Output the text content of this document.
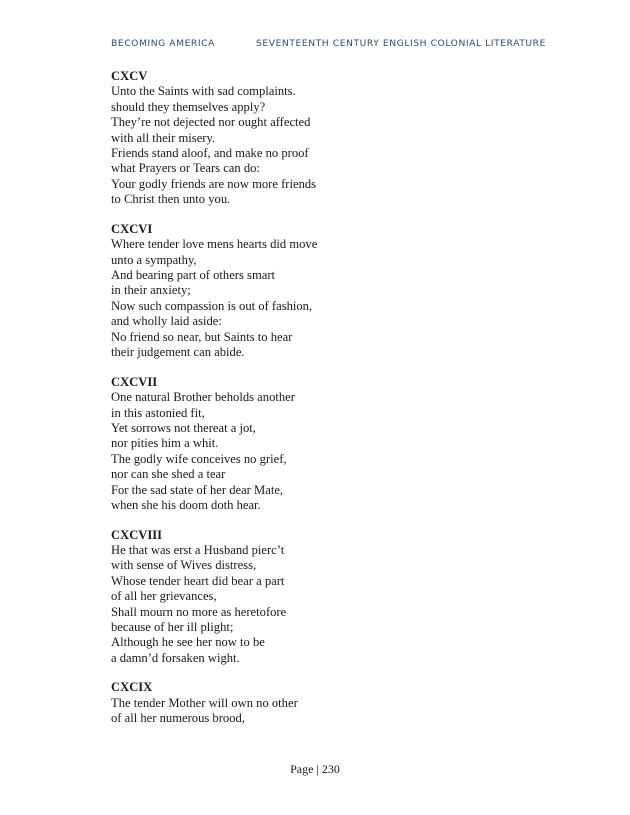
BECOMING AMERICA	SEVENTEENTH CENTURY ENGLISH COLONIAL LITERATURE

CXCV

Unto the Saints with sad complaints.

should they themselves apply?

They’re not dejected nor ought affected

with all their misery.

Friends stand aloof, and make no proof

what Prayers or Tears can do:

Your godly friends are now more friends

to Christ then unto you.

CXCVI

Where tender love mens hearts did move

unto a sympathy,

And bearing part of others smart

in their anxiety;

Now such compassion is out of fashion,

and wholly laid aside:

No friend so near, but Saints to hear

their judgement can abide.

CXCVII

One natural Brother beholds another

in this astonied fit,

Yet sorrows not thereat a jot,

nor pities him a whit.

The godly wife conceives no grief,

nor can she shed a tear

For the sad state of her dear Mate,

when she his doom doth hear.

CXCVIII

He that was erst a Husband pierc’t

with sense of Wives distress,

Whose tender heart did bear a part

of all her grievances,

Shall mourn no more as heretofore

because of her ill plight;

Although he see her now to be

a damn’d forsaken wight.

CXCIX

The tender Mother will own no other

of all her numerous brood,

Page | 230
